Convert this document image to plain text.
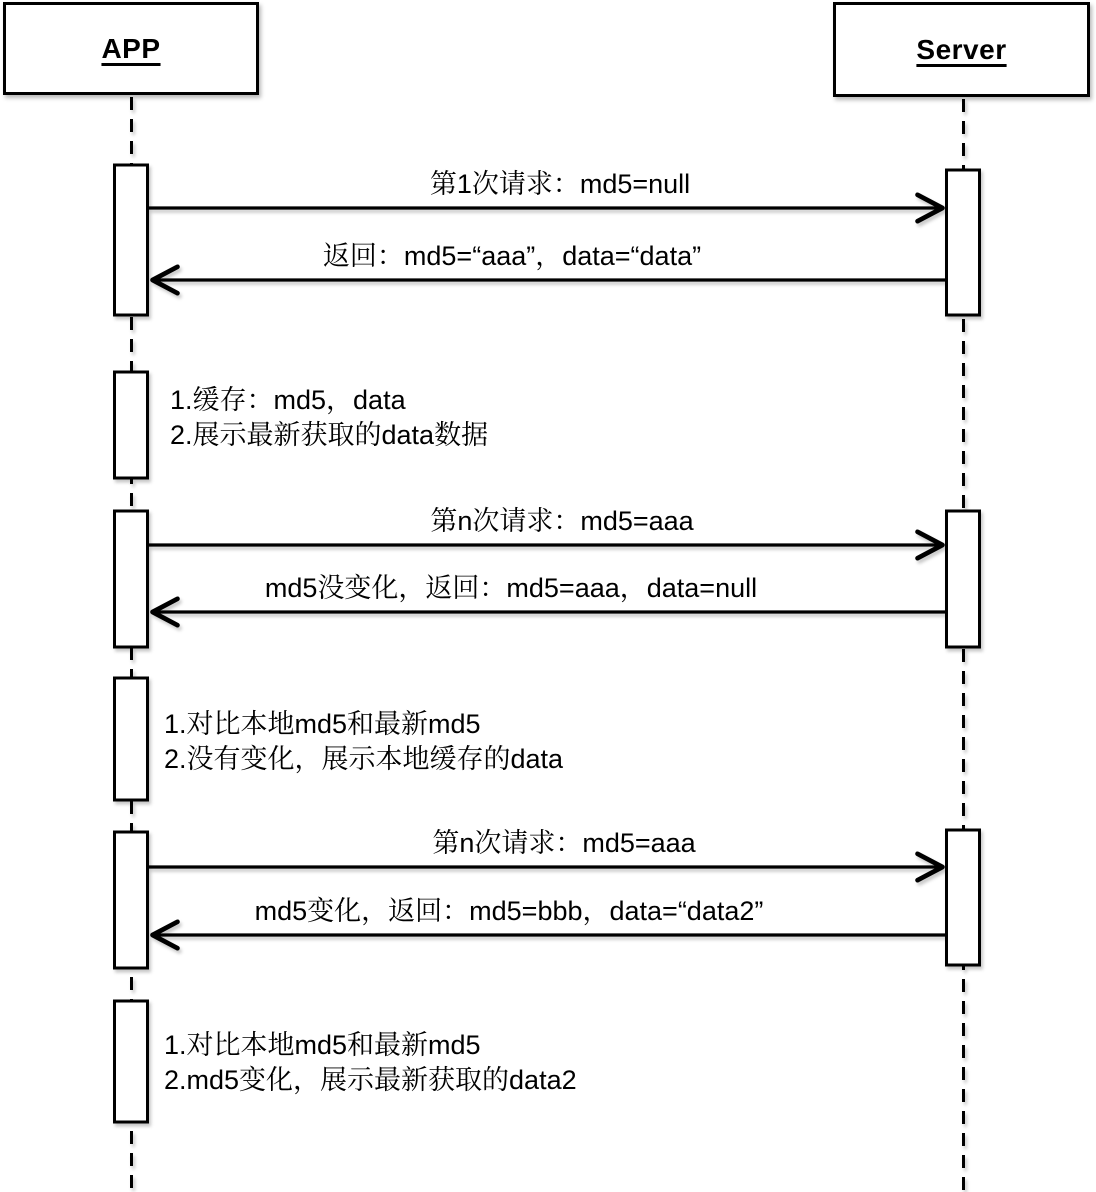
APP	Server
第1次请求：md5=null
返回：md5=“aaa”，data=“data”
第n次请求：md5=aaa
md5没变化，返回：md5=aaa，data=null
第n次请求：md5=aaa
md5变化，返回：md5=bbb，data=“data2”
1.缓存：md5，data
2.展示最新获取的data数据
1.对比本地md5和最新md5
2.没有变化，展示本地缓存的data
1.对比本地md5和最新md5
2.md5变化，展示最新获取的data2
